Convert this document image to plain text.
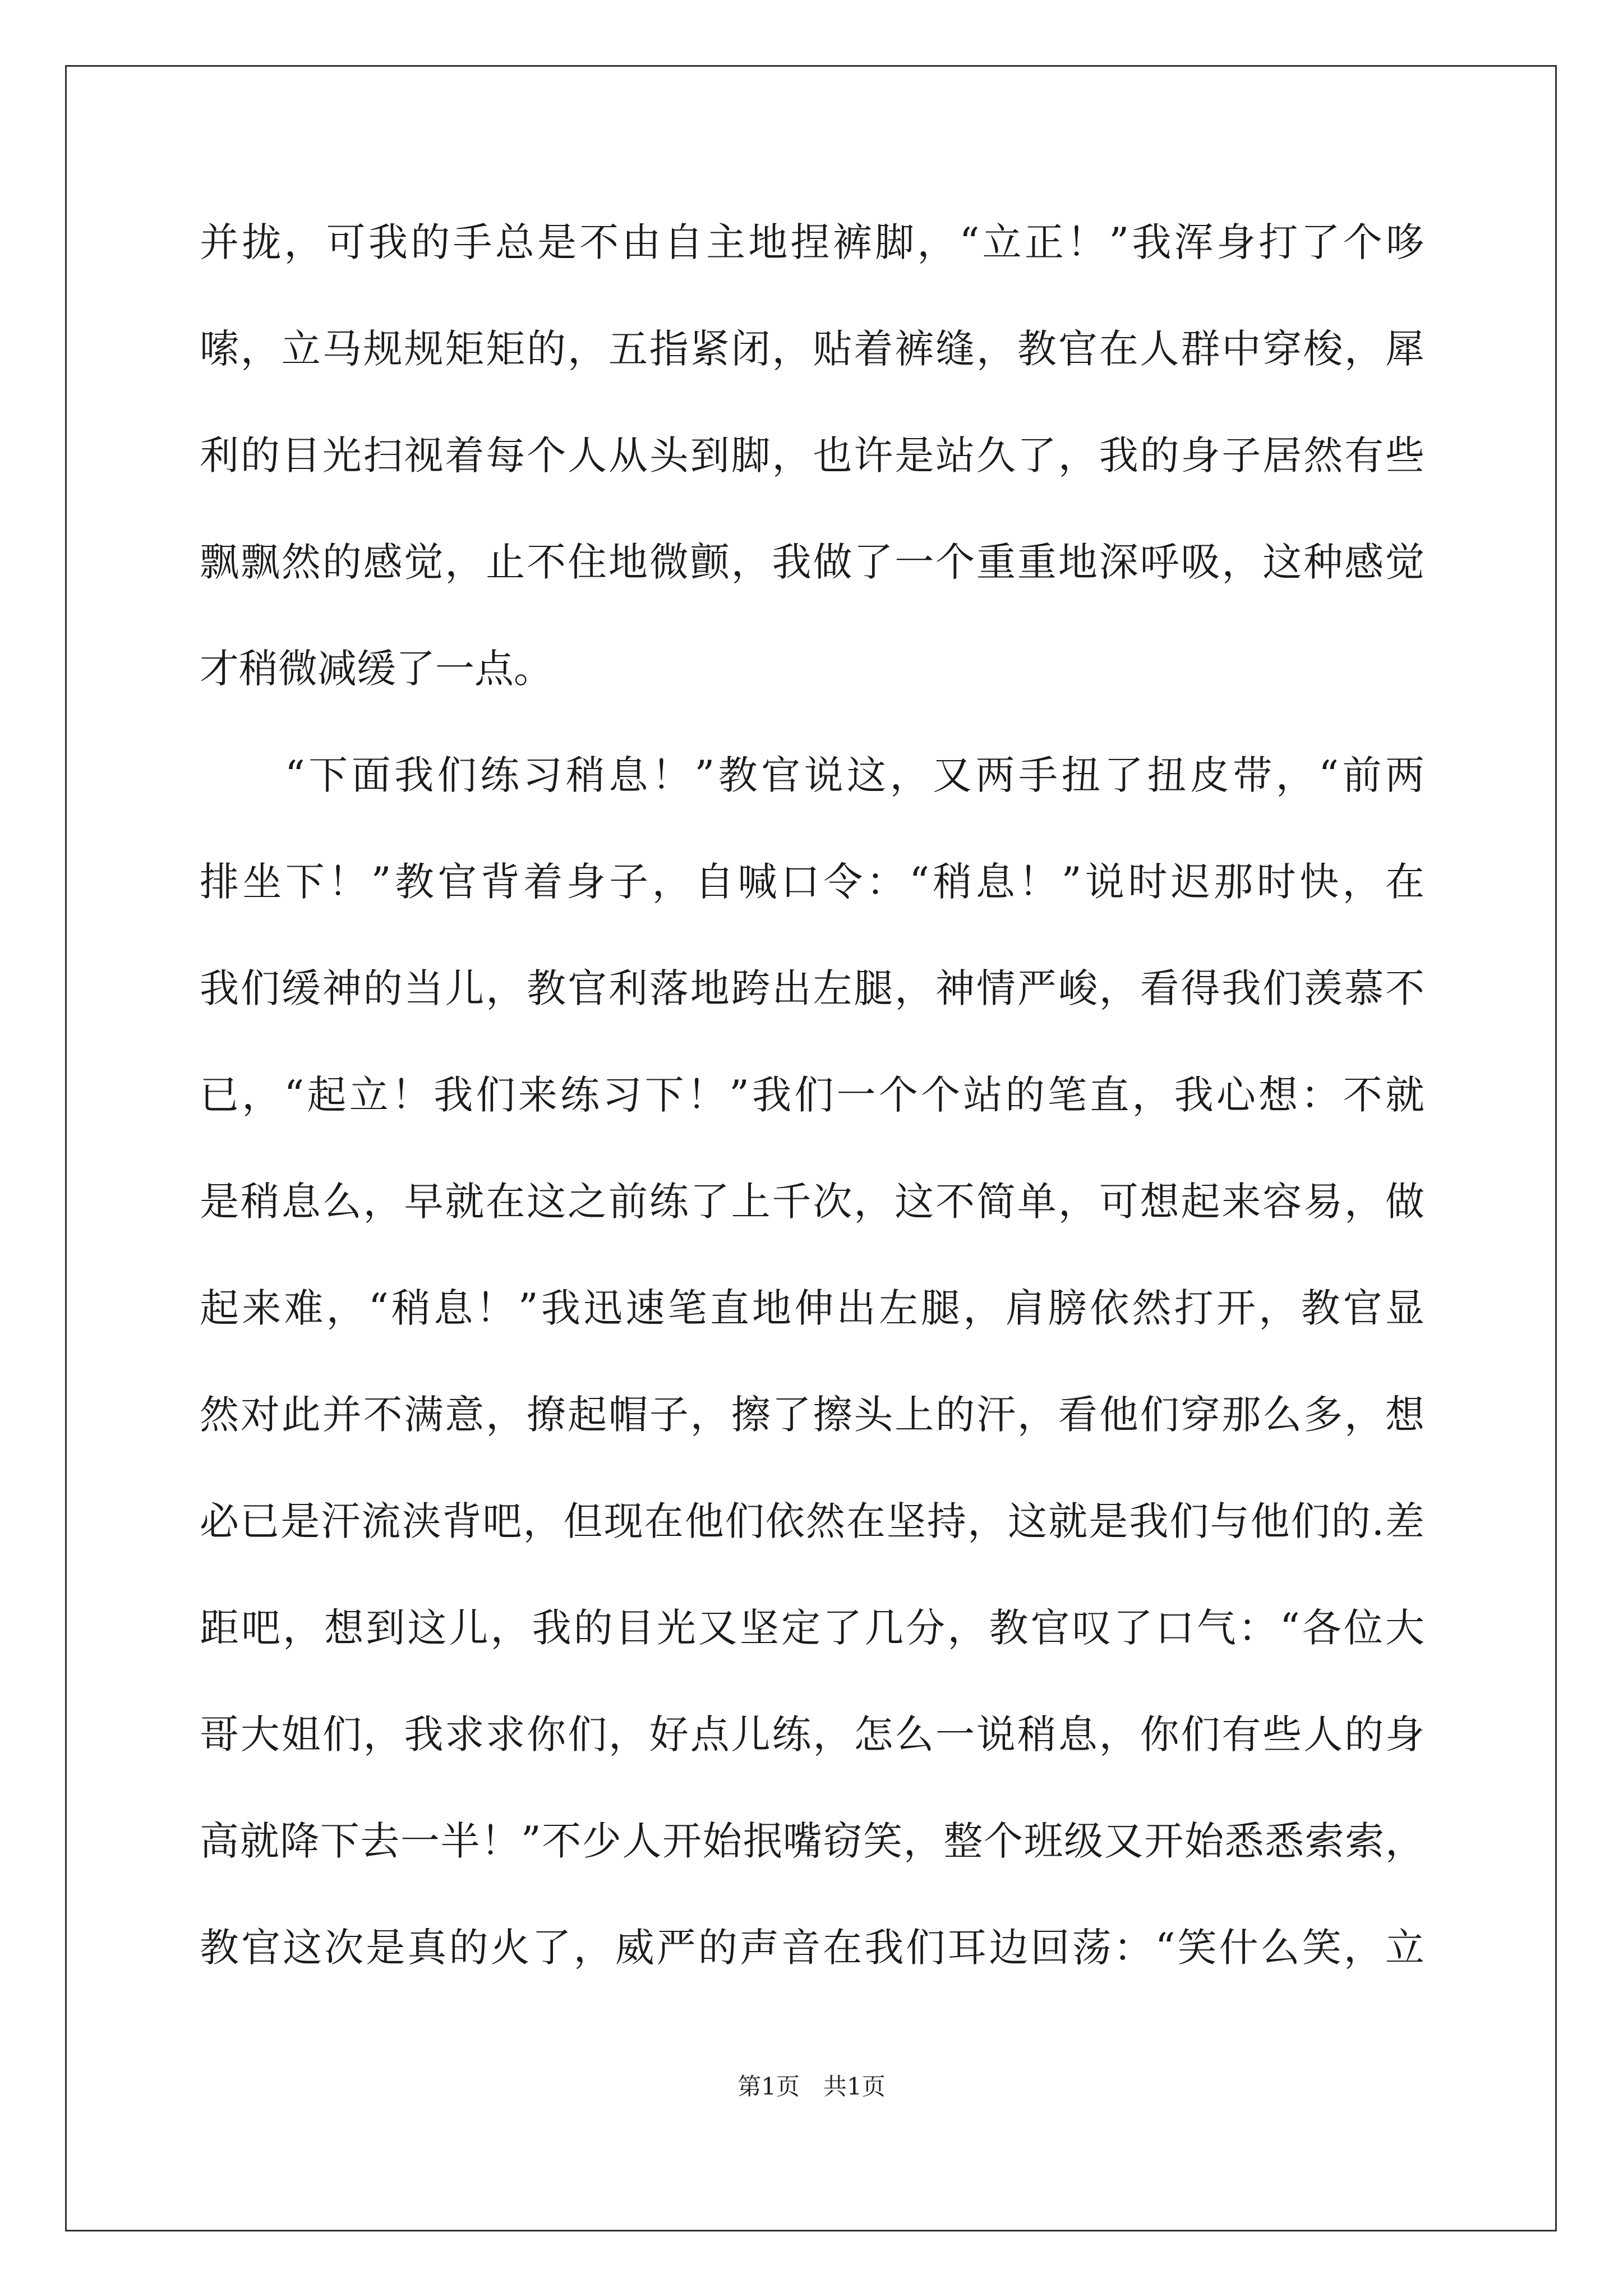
并拢，可我的手总是不由自主地捏裤脚，“立正！”我浑身打了个哆
嗦，立马规规矩矩的，五指紧闭，贴着裤缝，教官在人群中穿梭，犀
利的目光扫视着每个人从头到脚，也许是站久了，我的身子居然有些
飘飘然的感觉，止不住地微颤，我做了一个重重地深呼吸，这种感觉
才稍微减缓了一点。
“下面我们练习稍息！”教官说这，又两手扭了扭皮带，“前两
排坐下！”教官背着身子，自喊口令：“稍息！”说时迟那时快，在
我们缓神的当儿，教官利落地跨出左腿，神情严峻，看得我们羡慕不
已，“起立！我们来练习下！”我们一个个站的笔直，我心想：不就
是稍息么，早就在这之前练了上千次，这不简单，可想起来容易，做
起来难，“稍息！”我迅速笔直地伸出左腿，肩膀依然打开，教官显
然对此并不满意，撩起帽子，擦了擦头上的汗，看他们穿那么多，想
必已是汗流浃背吧，但现在他们依然在坚持，这就是我们与他们的.差
距吧，想到这儿，我的目光又坚定了几分，教官叹了口气：“各位大
哥大姐们，我求求你们，好点儿练，怎么一说稍息，你们有些人的身
高就降下去一半！”不少人开始抿嘴窃笑，整个班级又开始悉悉索索，
教官这次是真的火了，威严的声音在我们耳边回荡：“笑什么笑，立
第1页　共1页
